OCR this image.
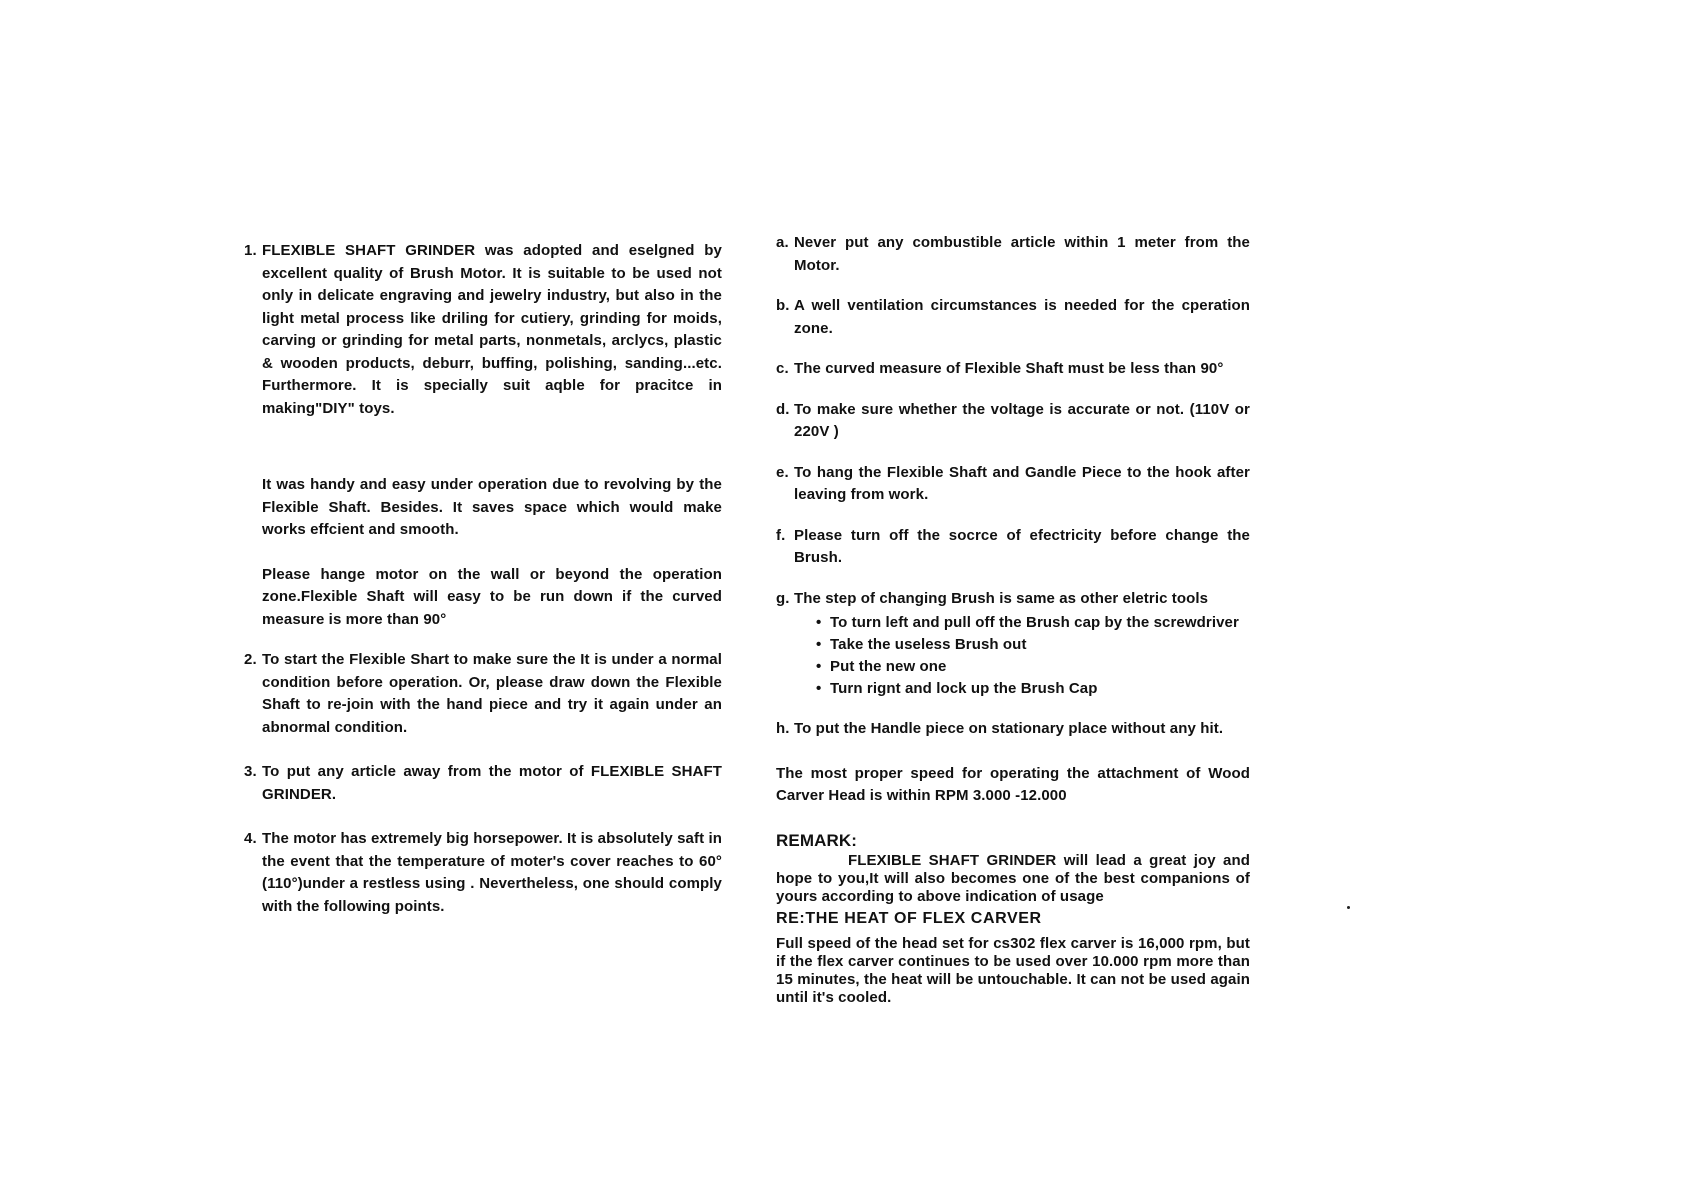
1. FLEXIBLE SHAFT GRINDER was adopted and eselgned by excellent quality of Brush Motor. It is suitable to be used not only in delicate engraving and jewelry industry, but also in the light metal process like driling for cutiery, grinding for moids, carving or grinding for metal parts, nonmetals, arclycs, plastic & wooden products, deburr, buffing, polishing, sanding...etc. Furthermore. It is specially suit aqble for pracitce in making"DIY" toys.
It was handy and easy under operation due to revolving by the Flexible Shaft. Besides. It saves space which would make works effcient and smooth.
Please hange motor on the wall or beyond the operation zone.Flexible Shaft will easy to be run down if the curved measure is more than 90°
2. To start the Flexible Shart to make sure the It is under a normal condition before operation. Or, please draw down the Flexible Shaft to re-join with the hand piece and try it again under an abnormal condition.
3. To put any article away from the motor of FLEXIBLE SHAFT GRINDER.
4. The motor has extremely big horsepower. It is absolutely saft in the event that the temperature of moter's cover reaches to 60°(110°)under a restless using . Nevertheless, one should comply with the following points.
a. Never put any combustible article within 1 meter from the Motor.
b. A well ventilation circumstances is needed for the cperation zone.
c. The curved measure of Flexible Shaft must be less than 90°
d. To make sure whether the voltage is accurate or not. (110V or 220V )
e. To hang the Flexible Shaft and Gandle Piece to the hook after leaving from work.
f. Please turn off the socrce of efectricity before change the Brush.
g. The step of changing Brush is same as other eletric tools
• To turn left and pull off the Brush cap by the screwdriver
• Take the useless Brush out
• Put the new one
• Turn rignt and lock up the Brush Cap
h. To put the Handle piece on stationary place without any hit.
The most proper speed for operating the attachment of Wood Carver Head is within RPM 3.000 -12.000
REMARK:
FLEXIBLE SHAFT GRINDER will lead a great joy and hope to you,It will also becomes one of the best companions of yours according to above indication of usage
RE:THE HEAT OF FLEX CARVER
Full speed of the head set for cs302 flex carver is 16,000 rpm, but if the flex carver continues to be used over 10.000 rpm more than 15 minutes, the heat will be untouchable. It can not be used again until it's cooled.
